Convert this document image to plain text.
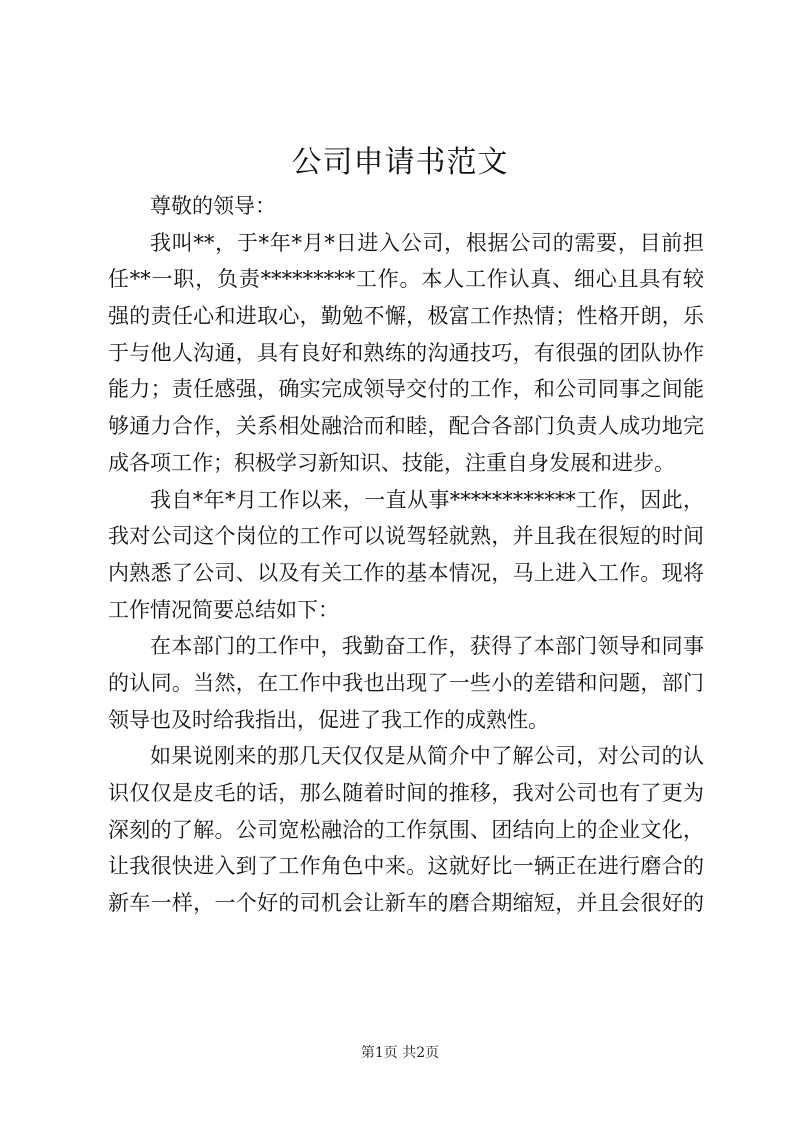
公司申请书范文
尊敬的领导：
我叫**，于*年*月*日进入公司，根据公司的需要，目前担
任**一职，负责*********工作。本人工作认真、细心且具有较
强的责任心和进取心，勤勉不懈，极富工作热情；性格开朗，乐
于与他人沟通，具有良好和熟练的沟通技巧，有很强的团队协作
能力；责任感强，确实完成领导交付的工作，和公司同事之间能
够通力合作，关系相处融洽而和睦，配合各部门负责人成功地完
成各项工作；积极学习新知识、技能，注重自身发展和进步。
我自*年*月工作以来，一直从事************工作，因此，
我对公司这个岗位的工作可以说驾轻就熟，并且我在很短的时间
内熟悉了公司、以及有关工作的基本情况，马上进入工作。现将
工作情况简要总结如下：
在本部门的工作中，我勤奋工作，获得了本部门领导和同事
的认同。当然，在工作中我也出现了一些小的差错和问题，部门
领导也及时给我指出，促进了我工作的成熟性。
如果说刚来的那几天仅仅是从简介中了解公司，对公司的认
识仅仅是皮毛的话，那么随着时间的推移，我对公司也有了更为
深刻的了解。公司宽松融洽的工作氛围、团结向上的企业文化，
让我很快进入到了工作角色中来。这就好比一辆正在进行磨合的
新车一样，一个好的司机会让新车的磨合期缩短，并且会很好的
第1页 共2页
